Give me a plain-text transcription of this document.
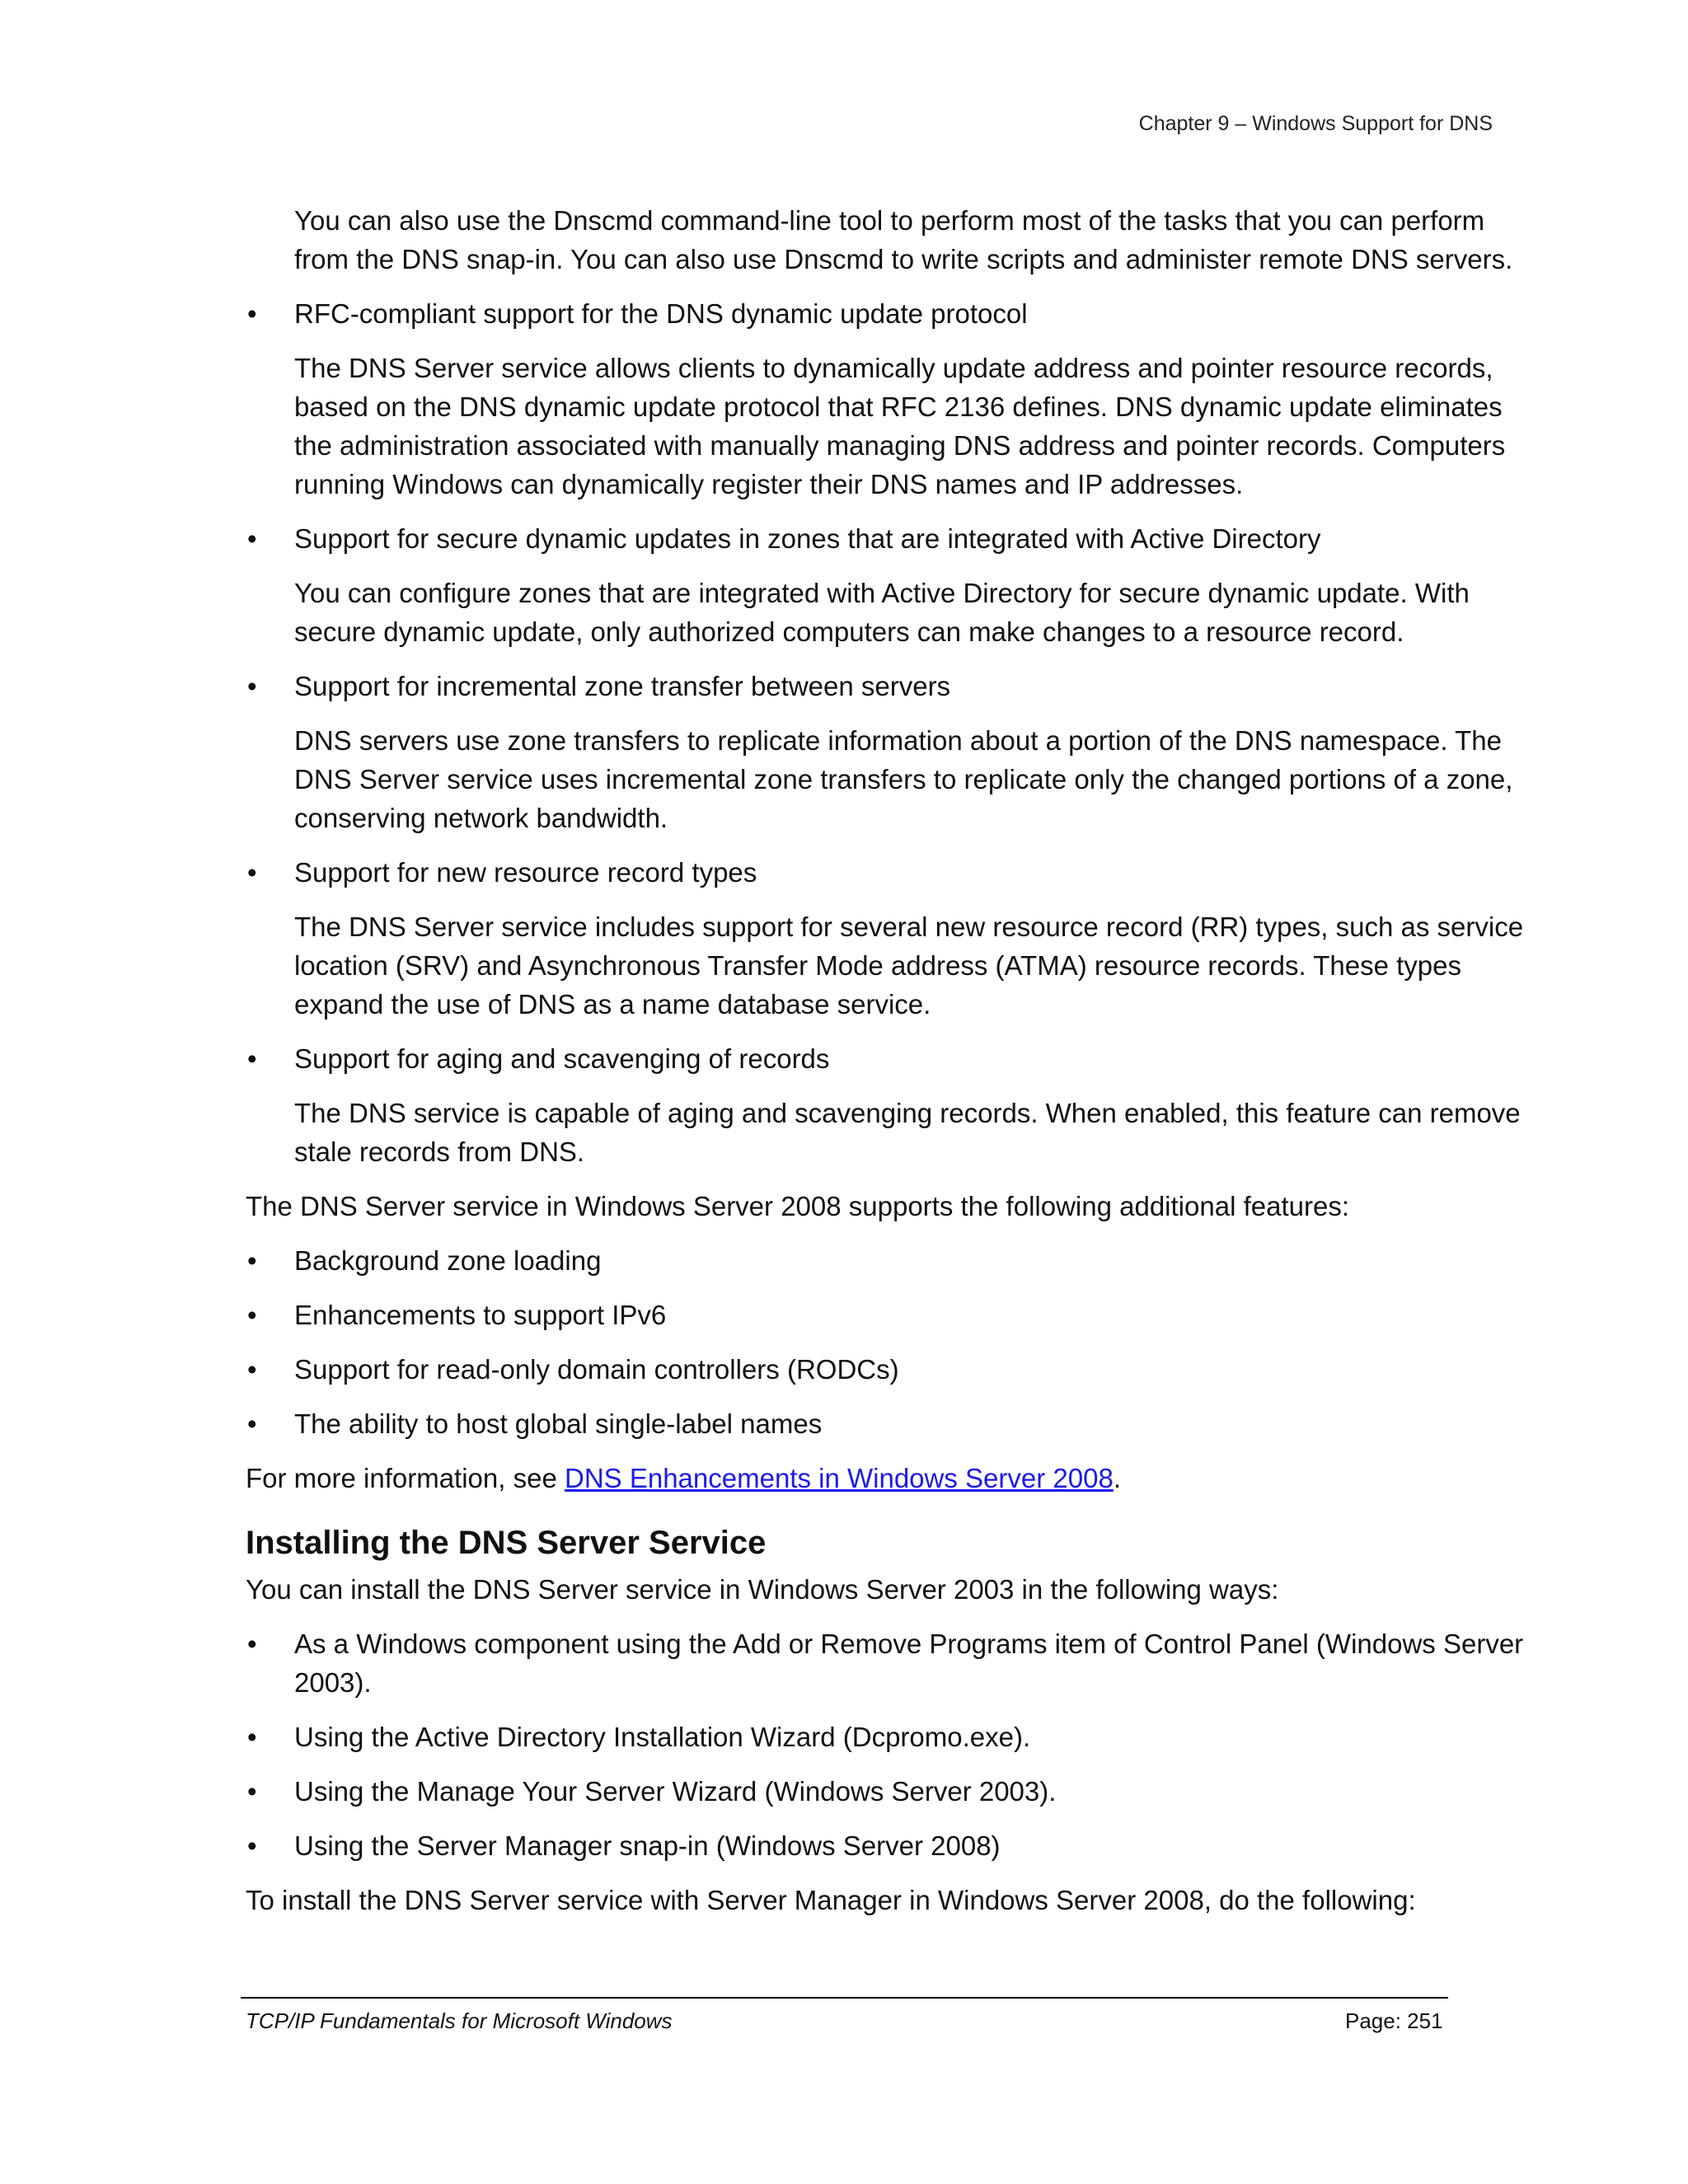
Chapter 9 – Windows Support for DNS

You can also use the Dnscmd command-line tool to perform most of the tasks that you can perform from the DNS snap-in. You can also use Dnscmd to write scripts and administer remote DNS servers.

•	RFC-compliant support for the DNS dynamic update protocol

The DNS Server service allows clients to dynamically update address and pointer resource records, based on the DNS dynamic update protocol that RFC 2136 defines. DNS dynamic update eliminates the administration associated with manually managing DNS address and pointer records. Computers running Windows can dynamically register their DNS names and IP addresses.

•	Support for secure dynamic updates in zones that are integrated with Active Directory

You can configure zones that are integrated with Active Directory for secure dynamic update. With secure dynamic update, only authorized computers can make changes to a resource record.

•	Support for incremental zone transfer between servers

DNS servers use zone transfers to replicate information about a portion of the DNS namespace. The DNS Server service uses incremental zone transfers to replicate only the changed portions of a zone, conserving network bandwidth.

•	Support for new resource record types

The DNS Server service includes support for several new resource record (RR) types, such as service location (SRV) and Asynchronous Transfer Mode address (ATMA) resource records. These types expand the use of DNS as a name database service.

•	Support for aging and scavenging of records

The DNS service is capable of aging and scavenging records. When enabled, this feature can remove stale records from DNS.

The DNS Server service in Windows Server 2008 supports the following additional features:

•	Background zone loading
•	Enhancements to support IPv6
•	Support for read-only domain controllers (RODCs)
•	The ability to host global single-label names

For more information, see DNS Enhancements in Windows Server 2008.

Installing the DNS Server Service

You can install the DNS Server service in Windows Server 2003 in the following ways:

•	As a Windows component using the Add or Remove Programs item of Control Panel (Windows Server 2003).
•	Using the Active Directory Installation Wizard (Dcpromo.exe).
•	Using the Manage Your Server Wizard (Windows Server 2003).
•	Using the Server Manager snap-in (Windows Server 2008)

To install the DNS Server service with Server Manager in Windows Server 2008, do the following:

TCP/IP Fundamentals for Microsoft Windows	Page: 251
